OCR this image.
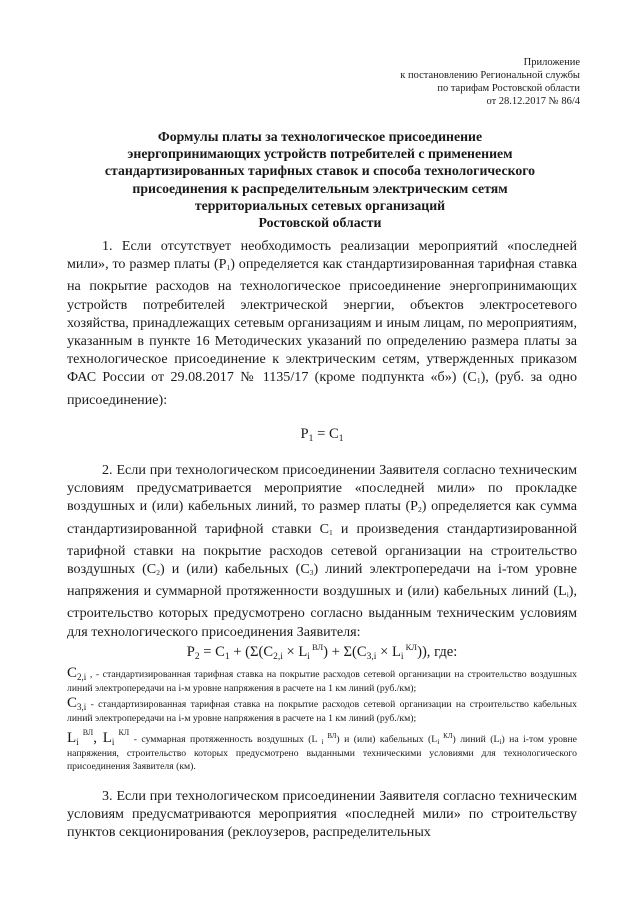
Приложение
к постановлению Региональной службы
по тарифам Ростовской области
от 28.12.2017 № 86/4
Формулы платы за технологическое присоединение
энергопринимающих устройств потребителей с применением
стандартизированных тарифных ставок и способа технологического
присоединения к распределительным электрическим сетям
территориальных сетевых организаций
Ростовской области

1. Если отсутствует необходимость реализации мероприятий «последней мили», то размер платы $(P_1)$ определяется как стандартизированная тарифная ставка на покрытие расходов на технологическое присоединение энергопринимающих устройств потребителей электрической энергии, объектов электросетевого хозяйства, принадлежащих сетевым организациям и иным лицам, по мероприятиям, указанным в пункте 16 Методических указаний по определению размера платы за технологическое присоединение к электрическим сетям, утвержденных приказом ФАС России от 29.08.2017 № 1135/17 (кроме подпункта «б») $(C_1)$, (руб. за одно присоединение):

$P_1 = C_1$

2. Если при технологическом присоединении Заявителя согласно техническим условиям предусматривается мероприятие «последней мили» по прокладке воздушных и (или) кабельных линий, то размер платы $(P_2)$ определяется как сумма стандартизированной тарифной ставки $C_1$ и произведения стандартизированной тарифной ставки на покрытие расходов сетевой организации на строительство воздушных $(C_2)$ и (или) кабельных $(C_3)$ линий электропередачи на i-том уровне напряжения и суммарной протяженности воздушных и (или) кабельных линий $(L_i)$, строительство которых предусмотрено согласно выданным техническим условиям для технологического присоединения Заявителя:

$P_2 = C_1 + (\Sigma(C_{2,i} \times L_i$ $^{ВЛ}) + \Sigma(C_{3,i} \times L_i$ $^{КЛ}$)), где:
$C_{2,i}$ , - стандартизированная тарифная ставка на покрытие расходов сетевой организации на строительство воздушных линий электропередачи на i-м уровне напряжения в расчете на 1 км линий (руб./км);
$C_{3,i}$ - стандартизированная тарифная ставка на покрытие расходов сетевой организации на строительство кабельных линий электропередачи на i-м уровне напряжения в расчете на 1 км линий (руб./км);
$L_i$ $^{ВЛ}$, $L_i$ $^{КЛ}$ - суммарная протяженность воздушных (L $_i$ $^{ВЛ}$) и (или) кабельных ($L_i$ $^{КЛ}$) линий $(L_i)$ на i-том уровне напряжения, строительство которых предусмотрено выданными техническими условиями для технологического присоединения Заявителя (км).

3. Если при технологическом присоединении Заявителя согласно техническим условиям предусматриваются мероприятия «последней мили» по строительству пунктов секционирования (реклоузеров, распределительных
